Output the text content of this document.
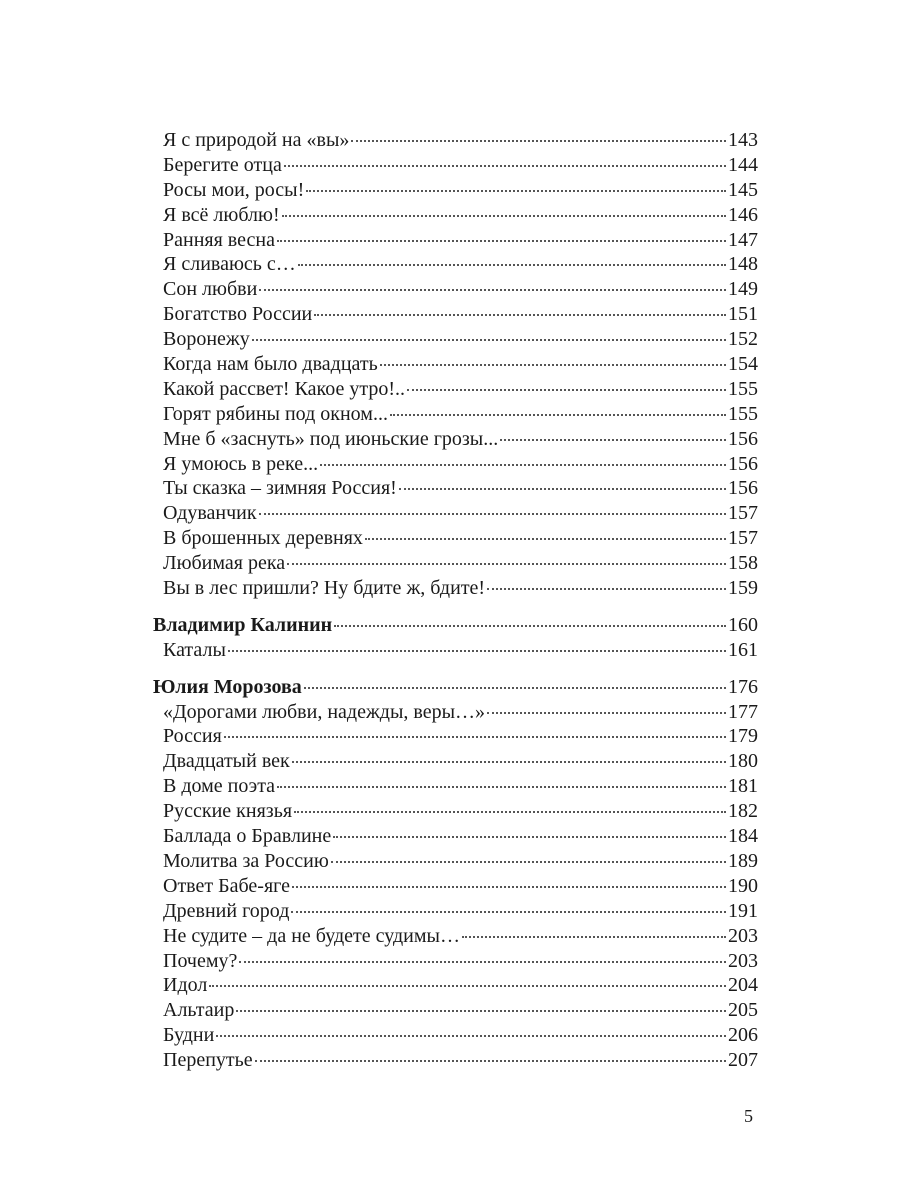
Я с природой на «вы»	143
Берегите отца	144
Росы мои, росы!	145
Я всё люблю!	146
Ранняя весна	147
Я сливаюсь с…	148
Сон любви	149
Богатство России	151
Воронежу	152
Когда нам было двадцать	154
Какой рассвет! Какое утро!..	155
Горят рябины под окном...	155
Мне б «заснуть» под июньские грозы...	156
Я умоюсь в реке...	156
Ты сказка – зимняя Россия!	156
Одуванчик	157
В брошенных деревнях	157
Любимая река	158
Вы в лес пришли? Ну бдите ж, бдите!	159
Владимир Калинин	160
Каталы	161
Юлия Морозова	176
«Дорогами любви, надежды, веры…»	177
Россия	179
Двадцатый век	180
В доме поэта	181
Русские князья	182
Баллада о Бравлине	184
Молитва за Россию	189
Ответ Бабе-яге	190
Древний город	191
Не судите – да не будете судимы…	203
Почему?	203
Идол	204
Альтаир	205
Будни	206
Перепутье	207
5
